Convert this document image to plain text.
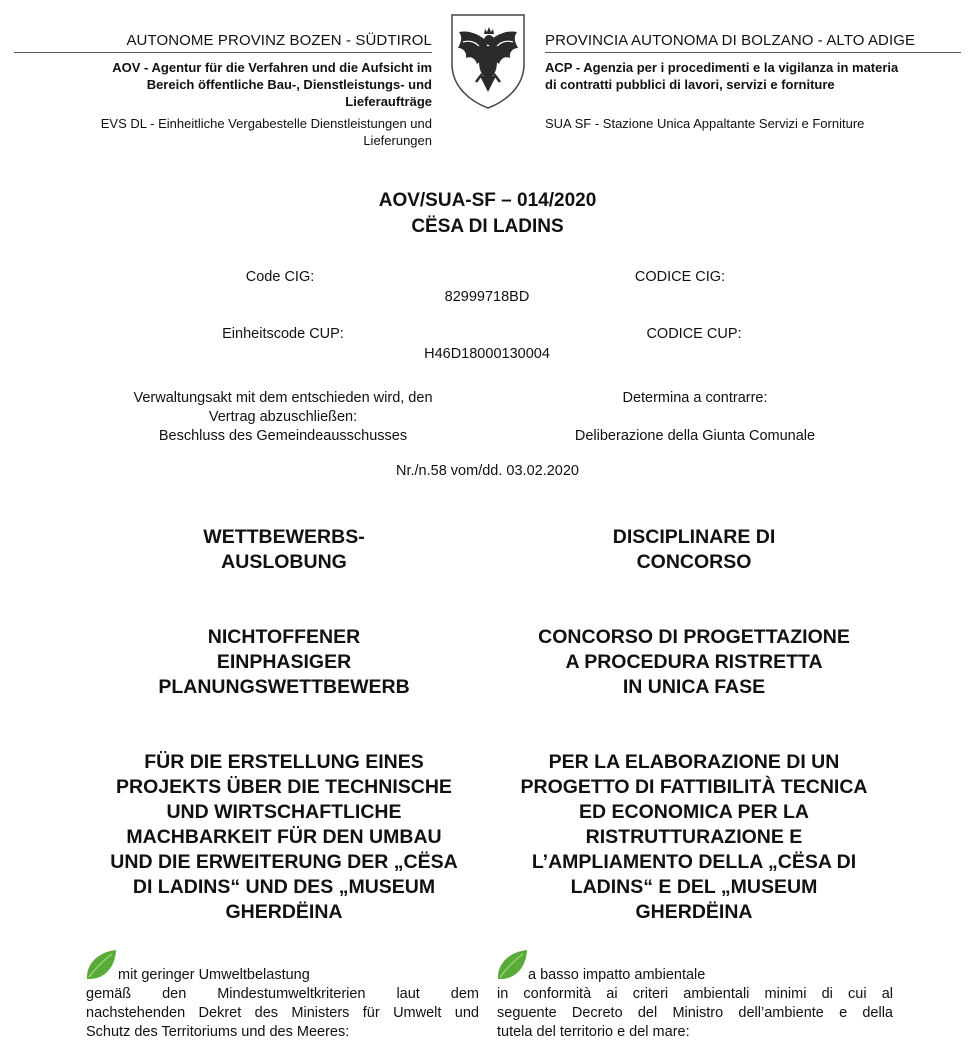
AUTONOME PROVINZ BOZEN - SÜDTIROL
AOV - Agentur für die Verfahren und die Aufsicht im
Bereich öffentliche Bau-, Dienstleistungs- und
Lieferaufträge
EVS DL - Einheitliche Vergabestelle Dienstleistungen und
Lieferungen
PROVINCIA AUTONOMA DI BOLZANO - ALTO ADIGE
ACP - Agenzia per i procedimenti e la vigilanza in materia
di contratti pubblici di lavori, servizi e forniture
SUA SF - Stazione Unica Appaltante Servizi e Forniture
AOV/SUA-SF – 014/2020
CËSA DI LADINS
Code CIG:	CODICE CIG:
82999718BD
Einheitscode CUP:	CODICE CUP:
H46D18000130004
Verwaltungsakt mit dem entschieden wird, den
Vertrag abzuschließen:
Beschluss des Gemeindeausschusses
Determina a contrarre:
Deliberazione della Giunta Comunale
Nr./n.58 vom/dd. 03.02.2020
WETTBEWERBS-
AUSLOBUNG
DISCIPLINARE DI
CONCORSO
NICHTOFFENER
EINPHASIGER
PLANUNGSWETTBEWERB
CONCORSO DI PROGETTAZIONE
A PROCEDURA RISTRETTA
IN UNICA FASE
FÜR DIE ERSTELLUNG EINES
PROJEKTS ÜBER DIE TECHNISCHE
UND WIRTSCHAFTLICHE
MACHBARKEIT FÜR DEN UMBAU
UND DIE ERWEITERUNG DER „CËSA
DI LADINS“ UND DES „MUSEUM
GHERDËINA
PER LA ELABORAZIONE DI UN
PROGETTO DI FATTIBILITÀ TECNICA
ED ECONOMICA PER LA
RISTRUTTURAZIONE E
L’AMPLIAMENTO DELLA „CËSA DI
LADINS“ E DEL „MUSEUM
GHERDËINA
mit geringer Umweltbelastung
gemäß den Mindestumweltkriterien laut dem
nachstehenden Dekret des Ministers für Umwelt und
Schutz des Territoriums und des Meeres:
a basso impatto ambientale
in conformità ai criteri ambientali minimi di cui al
seguente Decreto del Ministro dell’ambiente e della
tutela del territorio e del mare:
